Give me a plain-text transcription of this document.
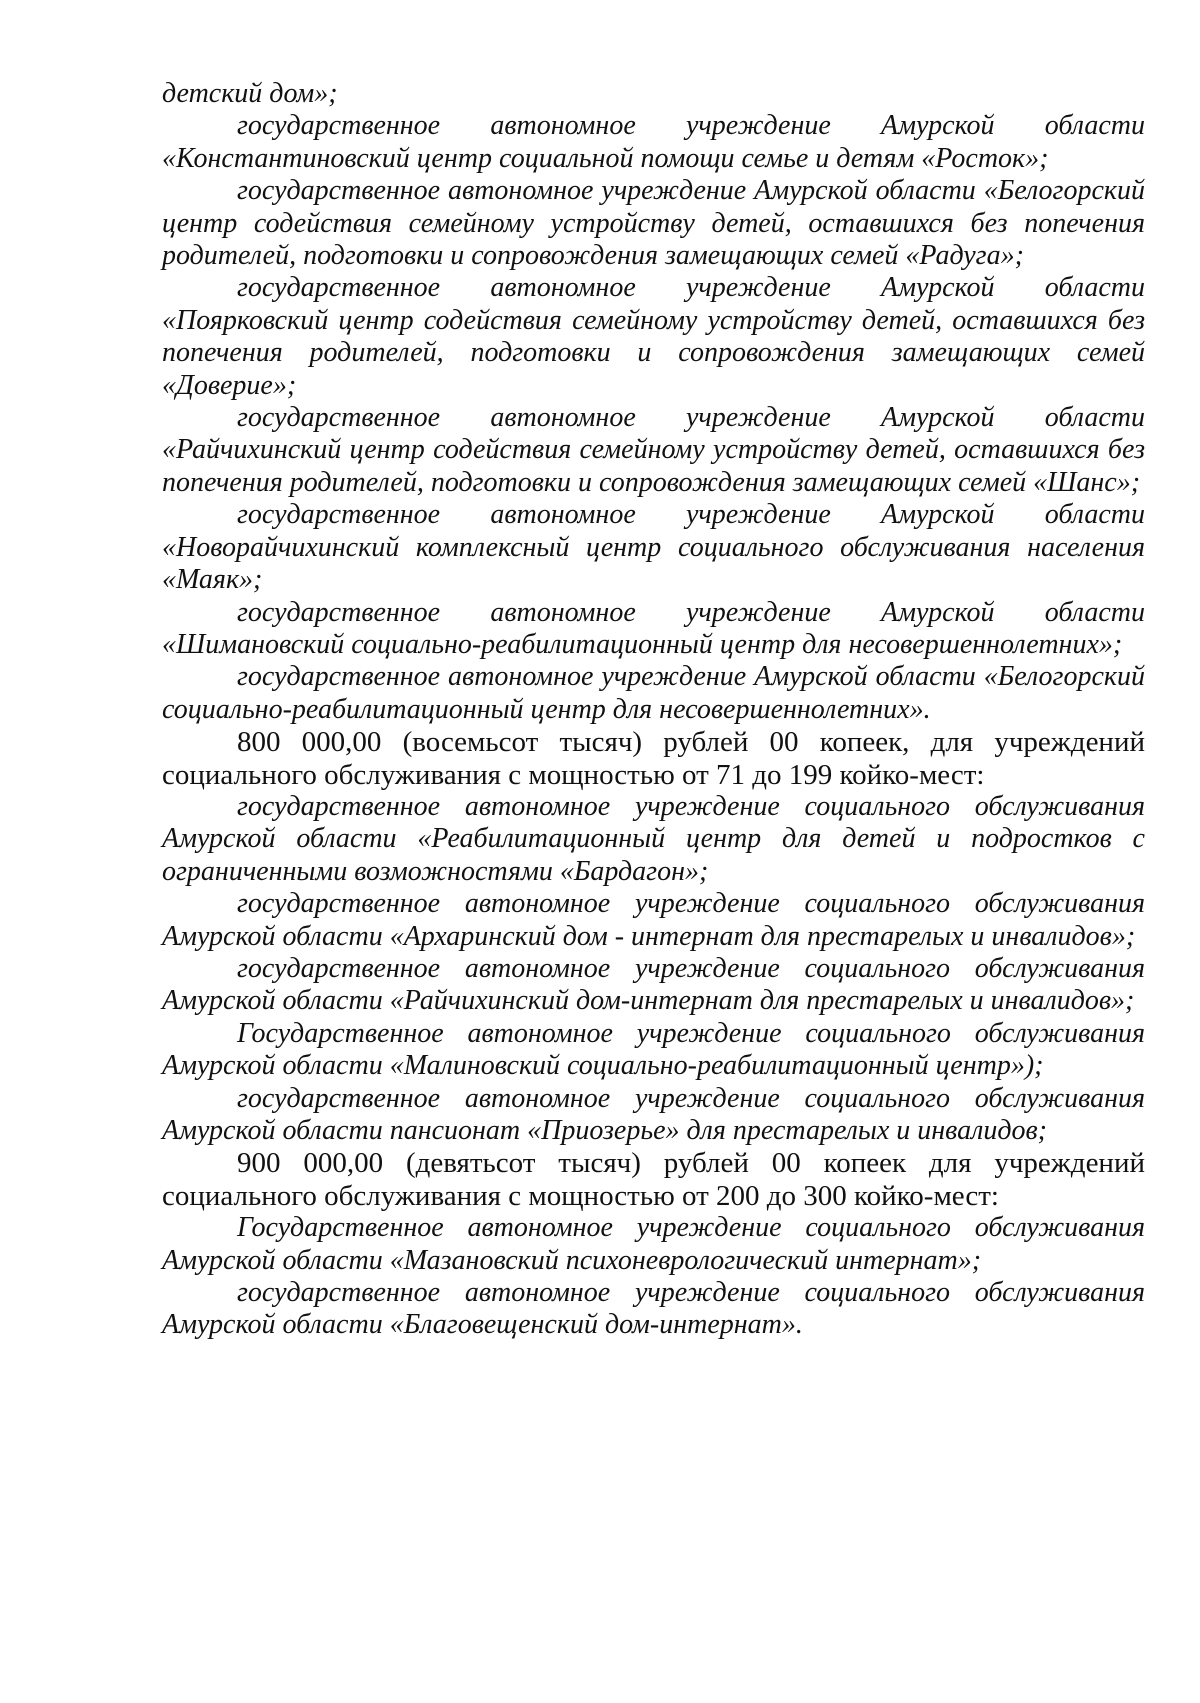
детский дом»;

государственное автономное учреждение Амурской области «Константиновский центр социальной помощи семье и детям «Росток»;

государственное автономное учреждение Амурской области «Белогорский центр содействия семейному устройству детей, оставшихся без попечения родителей, подготовки и сопровождения замещающих семей «Радуга»;

государственное автономное учреждение Амурской области «Поярковский центр содействия семейному устройству детей, оставшихся без попечения родителей, подготовки и сопровождения замещающих семей «Доверие»;

государственное автономное учреждение Амурской области «Райчихинский центр содействия семейному устройству детей, оставшихся без попечения родителей, подготовки и сопровождения замещающих семей «Шанс»;

государственное автономное учреждение Амурской области «Новорайчихинский комплексный центр социального обслуживания населения «Маяк»;

государственное автономное учреждение Амурской области «Шимановский социально-реабилитационный центр для несовершеннолетних»;

государственное автономное учреждение Амурской области «Белогорский социально-реабилитационный центр для несовершеннолетних».

800 000,00 (восемьсот тысяч) рублей 00 копеек, для учреждений социального обслуживания с мощностью от 71 до 199 койко-мест:

государственное автономное учреждение социального обслуживания Амурской области «Реабилитационный центр для детей и подростков с ограниченными возможностями «Бардагон»;

государственное автономное учреждение социального обслуживания Амурской области «Архаринский дом - интернат для престарелых и инвалидов»;

государственное автономное учреждение социального обслуживания Амурской области «Райчихинский дом-интернат для престарелых и инвалидов»;

Государственное автономное учреждение социального обслуживания Амурской области «Малиновский социально-реабилитационный центр»);

государственное автономное учреждение социального обслуживания Амурской области пансионат «Приозерье» для престарелых и инвалидов;

900 000,00 (девятьсот тысяч) рублей 00 копеек для учреждений социального обслуживания с мощностью от 200 до 300 койко-мест:

Государственное автономное учреждение социального обслуживания Амурской области «Мазановский психоневрологический интернат»;

государственное автономное учреждение социального обслуживания Амурской области «Благовещенский дом-интернат».
